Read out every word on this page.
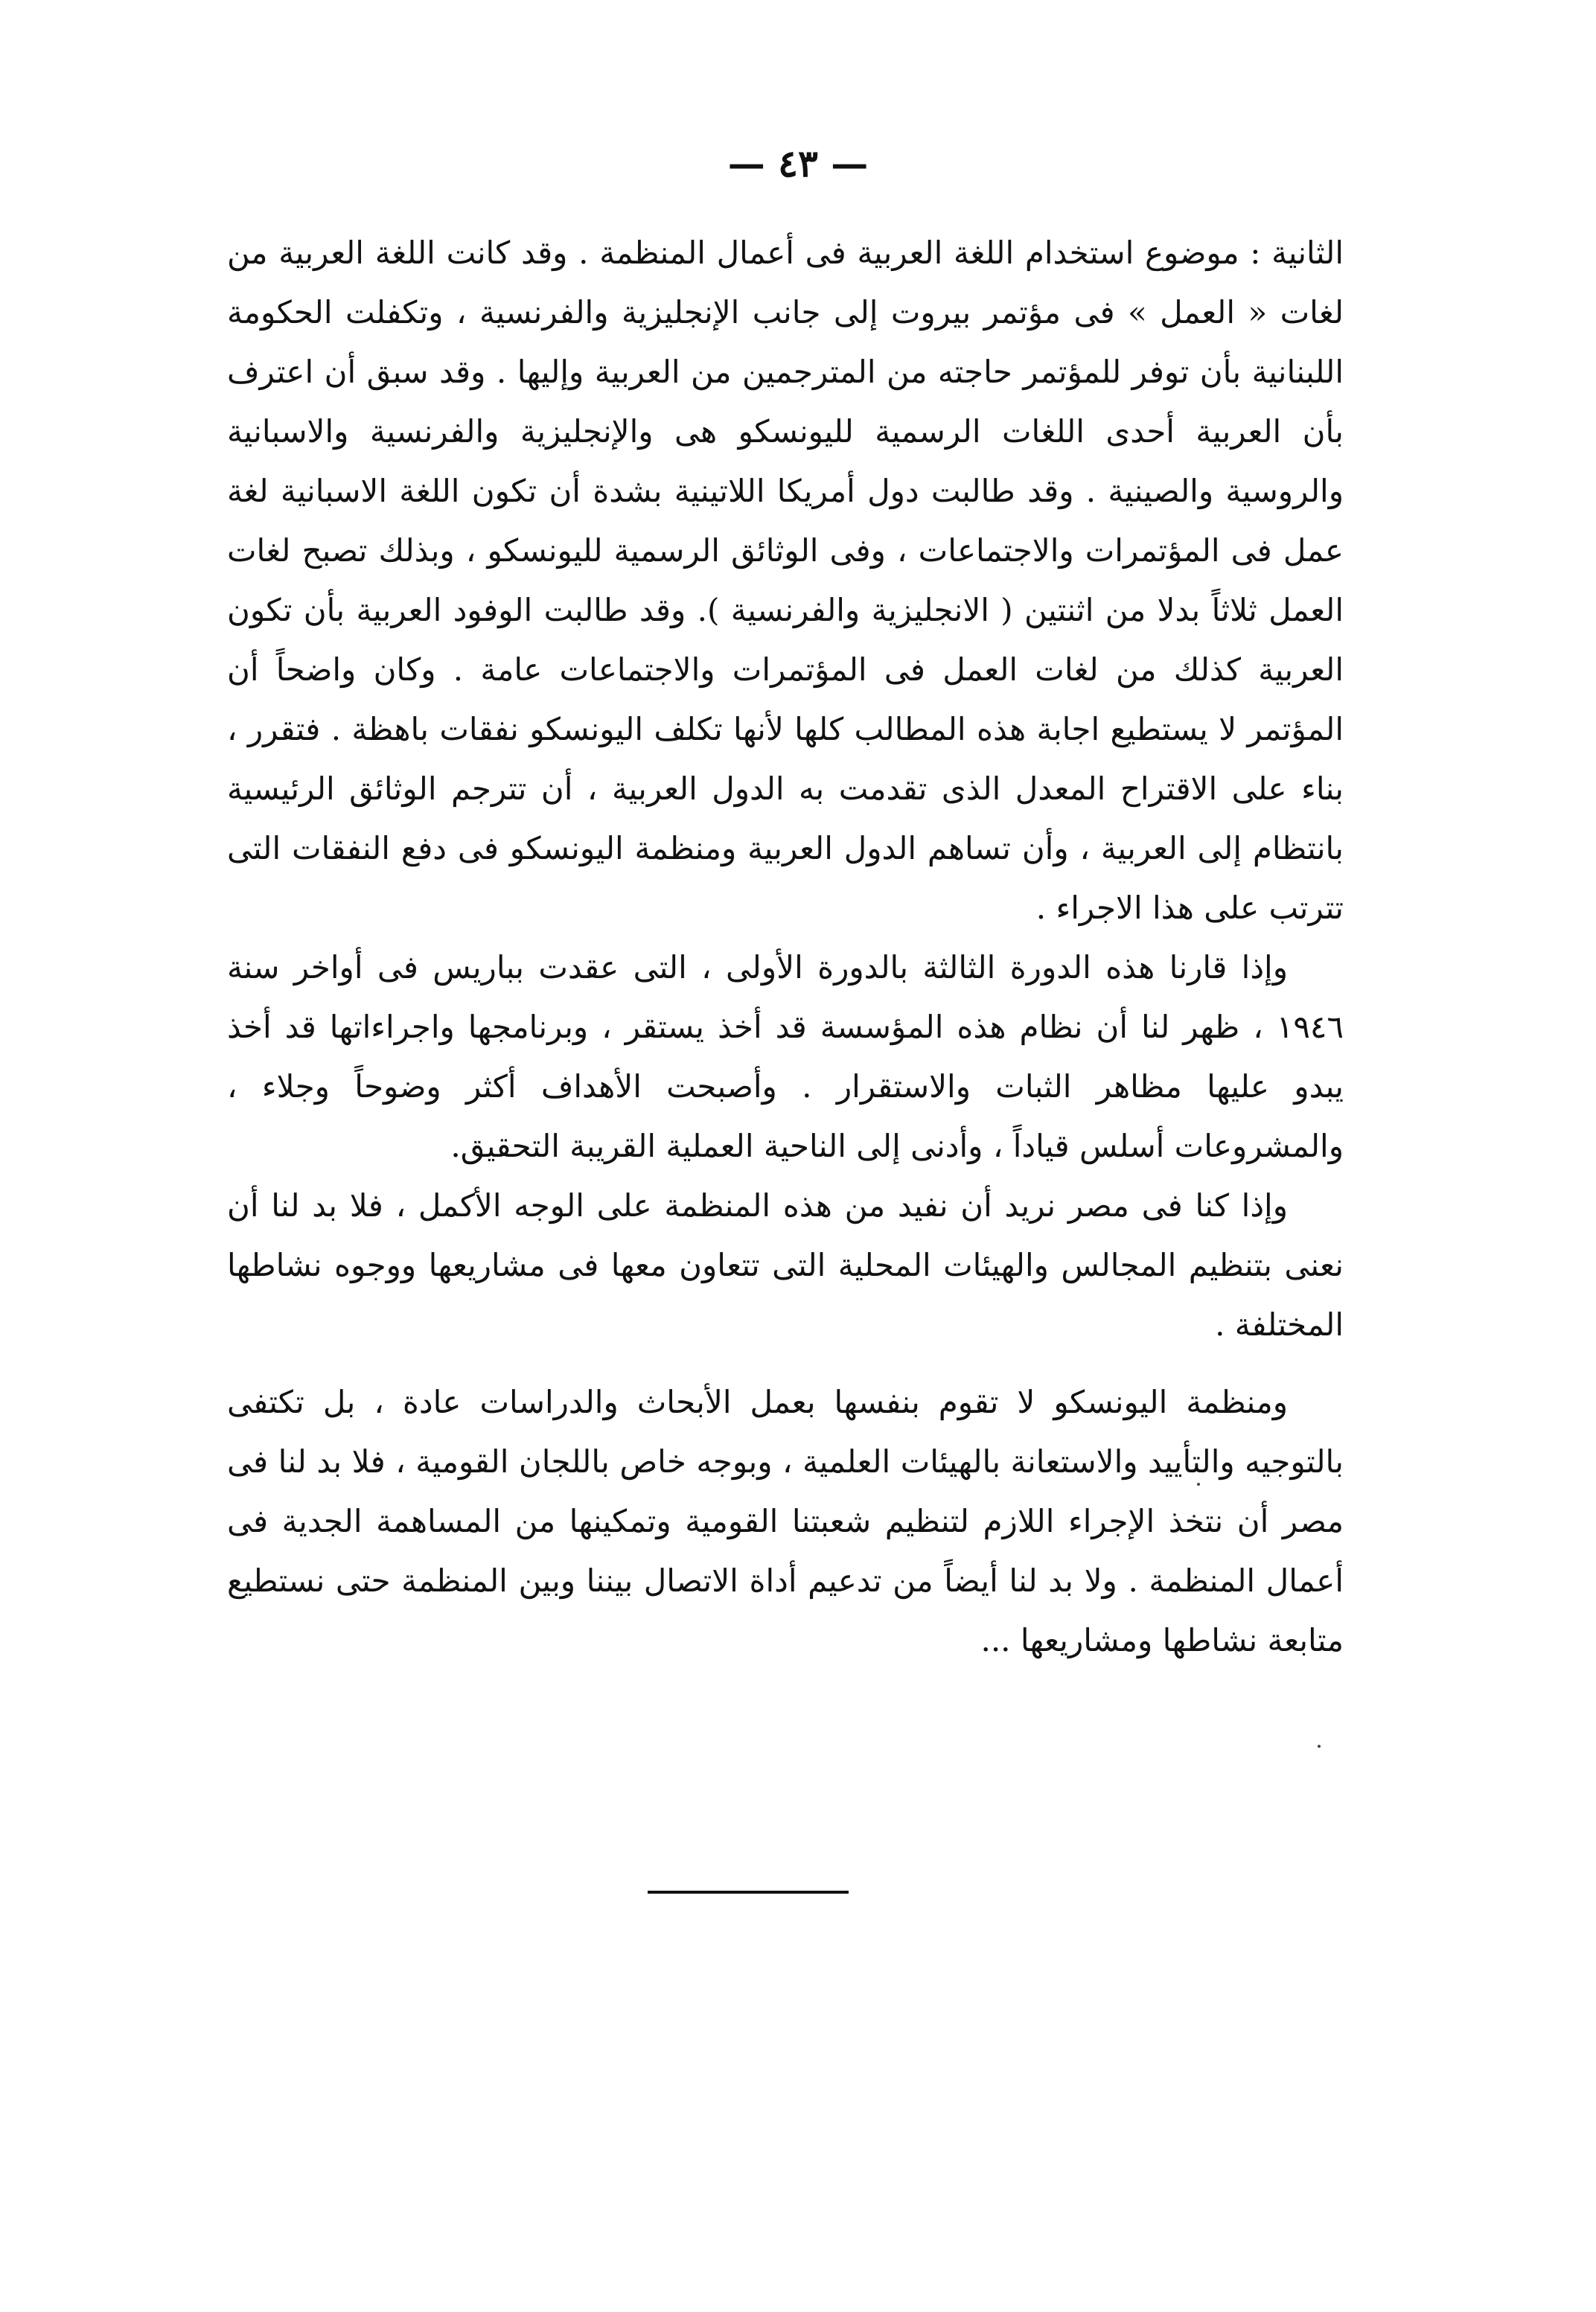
— ٤٣ —

الثانية : موضوع استخدام اللغة العربية فى أعمال المنظمة . وقد كانت اللغة العربية من لغات « العمل » فى مؤتمر بيروت إلى جانب الإنجليزية والفرنسية ، وتكفلت الحكومة اللبنانية بأن توفر للمؤتمر حاجته من المترجمين من العربية وإليها . وقد سبق أن اعترف بأن العربية أحدى اللغات الرسمية لليونسكو هى والإنجليزية والفرنسية والاسبانية والروسية والصينية . وقد طالبت دول أمريكا اللاتينية بشدة أن تكون اللغة الاسبانية لغة عمل فى المؤتمرات والاجتماعات ، وفى الوثائق الرسمية لليونسكو ، وبذلك تصبح لغات العمل ثلاثاً بدلا من اثنتين ( الانجليزية والفرنسية ). وقد طالبت الوفود العربية بأن تكون العربية كذلك من لغات العمل فى المؤتمرات والاجتماعات عامة . وكان واضحاً أن المؤتمر لا يستطيع اجابة هذه المطالب كلها لأنها تكلف اليونسكو نفقات باهظة . فتقرر ، بناء على الاقتراح المعدل الذى تقدمت به الدول العربية ، أن تترجم الوثائق الرئيسية بانتظام إلى العربية ، وأن تساهم الدول العربية ومنظمة اليونسكو فى دفع النفقات التى تترتب على هذا الاجراء .

وإذا قارنا هذه الدورة الثالثة بالدورة الأولى ، التى عقدت بباريس فى أواخر سنة ١٩٤٦ ، ظهر لنا أن نظام هذه المؤسسة قد أخذ يستقر ، وبرنامجها واجراءاتها قد أخذ يبدو عليها مظاهر الثبات والاستقرار . وأصبحت الأهداف أكثر وضوحاً وجلاء ، والمشروعات أسلس قياداً ، وأدنى إلى الناحية العملية القريبة التحقيق.

وإذا كنا فى مصر نريد أن نفيد من هذه المنظمة على الوجه الأكمل ، فلا بد لنا أن نعنى بتنظيم المجالس والهيئات المحلية التى تتعاون معها فى مشاريعها ووجوه نشاطها المختلفة .

ومنظمة اليونسكو لا تقوم بنفسها بعمل الأبحاث والدراسات عادة ، بل تكتفى بالتوجيه والتأييد والاستعانة بالهيئات العلمية ، وبوجه خاص باللجان القومية ، فلا بد لنا فى مصر أن نتخذ الإجراء اللازم لتنظيم شعبتنا القومية وتمكينها من المساهمة الجدية فى أعمال المنظمة . ولا بد لنا أيضاً من تدعيم أداة الاتصال بيننا وبين المنظمة حتى نستطيع متابعة نشاطها ومشاريعها ...
